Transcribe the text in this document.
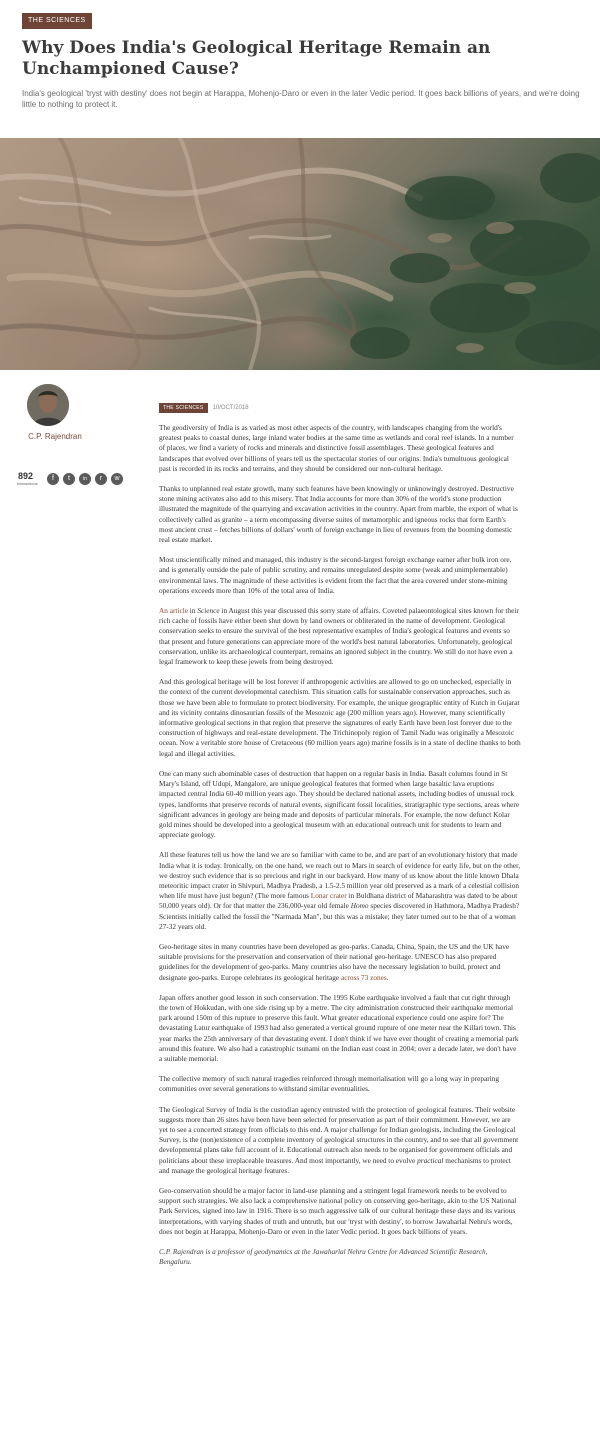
THE SCIENCES
Why Does India's Geological Heritage Remain an Unchampioned Cause?

India's geological 'tryst with destiny' does not begin at Harappa, Mohenjo-Daro or even in the later Vedic period. It goes back billions of years, and we're doing little to nothing to protect it.

C.P. Rajendran
892
Interactions
f	t	in	r	w
THE SCIENCES	10/OCT/2018

The geodiversity of India is as varied as most other aspects of the country, with landscapes changing from the world's greatest peaks to coastal dunes, large inland water bodies at the same time as wetlands and coral reef islands. In a number of places, we find a variety of rocks and minerals and distinctive fossil assemblages. These geological features and landscapes that evolved over billions of years tell us the spectacular stories of our origins. India's tumultuous geological past is recorded in its rocks and terrains, and they should be considered our non-cultural heritage.

Thanks to unplanned real estate growth, many such features have been knowingly or unknowingly destroyed. Destructive stone mining activates also add to this misery. That India accounts for more than 30% of the world's stone production illustrated the magnitude of the quarrying and excavation activities in the country. Apart from marble, the export of what is collectively called as granite – a term encompassing diverse suites of metamorphic and igneous rocks that form Earth's most ancient crust – fetches billions of dollars' worth of foreign exchange in lieu of revenues from the booming domestic real estate market.

Most unscientifically mined and managed, this industry is the second-largest foreign exchange earner after bulk iron ore, and is generally outside the pale of public scrutiny, and remains unregulated despite some (weak and unimplementable) environmental laws. The magnitude of these activities is evident from the fact that the area covered under stone-mining operations exceeds more than 10% of the total area of India.

An article in Science in August this year discussed this sorry state of affairs. Coveted palaeontological sites known for their rich cache of fossils have either been shut down by land owners or obliterated in the name of development. Geological conservation seeks to ensure the survival of the best representative examples of India's geological features and events so that present and future generations can appreciate more of the world's best natural laboratories. Unfortunately, geological conservation, unlike its archaeological counterpart, remains an ignored subject in the country. We still do not have even a legal framework to keep these jewels from being destroyed.

And this geological heritage will be lost forever if anthropogenic activities are allowed to go on unchecked, especially in the context of the current developmental catechism. This situation calls for sustainable conservation approaches, such as those we have been able to formulate to protect biodiversity. For example, the unique geographic entity of Kutch in Gujarat and its vicinity contains dinosaurian fossils of the Mesozoic age (200 million years ago). However, many scientifically informative geological sections in that region that preserve the signatures of early Earth have been lost forever due to the construction of highways and real-estate development. The Trichinopoly region of Tamil Nadu was originally a Mesozoic ocean. Now a veritable store house of Cretaceous (60 million years ago) marine fossils is in a state of decline thanks to both legal and illegal activities.

One can many such abominable cases of destruction that happen on a regular basis in India. Basalt columns found in St Mary's Island, off Udupi, Mangalore, are unique geological features that formed when large basaltic lava eruptions impacted central India 60-40 million years ago. They should be declared national assets, including bodies of unusual rock types, landforms that preserve records of natural events, significant fossil localities, stratigraphic type sections, areas where significant advances in geology are being made and deposits of particular minerals. For example, the now defunct Kolar gold mines should be developed into a geological museum with an educational outreach unit for students to learn and appreciate geology.

All these features tell us how the land we are so familiar with came to be, and are part of an evolutionary history that made India what it is today. Ironically, on the one hand, we reach out to Mars in search of evidence for early life, but on the other, we destroy such evidence that is so precious and right in our backyard. How many of us know about the little known Dhala meteoritic impact crater in Shivpuri, Madhya Pradesh, a 1.5-2.5 million year old preserved as a mark of a celestial collision when life must have just begun? (The more famous Lonar crater in Buldhana district of Maharashtra was dated to be about 50,000 years old). Or for that matter the 236,000-year old female Homo species discovered in Hathmora, Madhya Pradesh? Scientists initially called the fossil the "Narmada Man", but this was a mistake; they later turned out to be that of a woman 27-32 years old.

Geo-heritage sites in many countries have been developed as geo-parks. Canada, China, Spain, the US and the UK have suitable provisions for the preservation and conservation of their national geo-heritage. UNESCO has also prepared guidelines for the development of geo-parks. Many countries also have the necessary legislation to build, protect and designate geo-parks. Europe celebrates its geological heritage across 73 zones.

Japan offers another good lesson in such conservation. The 1995 Kobe earthquake involved a fault that cut right through the town of Hokkudan, with one side rising up by a metre. The city administration constructed their earthquake memorial park around 150m of this rupture to preserve this fault. What greater educational experience could one aspire for? The devastating Latur earthquake of 1993 had also generated a vertical ground rupture of one meter near the Killari town. This year marks the 25th anniversary of that devastating event. I don't think if we have ever thought of creating a memorial park around this feature. We also had a catastrophic tsunami on the Indian east coast in 2004; over a decade later, we don't have a suitable memorial.

The collective memory of such natural tragedies reinforced through memorialisation will go a long way in preparing communities over several generations to withstand similar eventualities.

The Geological Survey of India is the custodian agency entrusted with the protection of geological features. Their website suggests more than 26 sites have been have been selected for preservation as part of their commitment. However, we are yet to see a concerted strategy from officials to this end. A major challenge for Indian geologists, including the Geological Survey, is the (non)existence of a complete inventory of geological structures in the country, and to see that all government developmental plans take full account of it. Educational outreach also needs to be organised for government officials and politicians about these irreplaceable treasures. And most importantly, we need to evolve practical mechanisms to protect and manage the geological heritage features.

Geo-conservation should be a major factor in land-use planning and a stringent legal framework needs to be evolved to support such strategies. We also lack a comprehensive national policy on conserving geo-heritage, akin to the US National Park Services, signed into law in 1916. There is so much aggressive talk of our cultural heritage these days and its various interpretations, with varying shades of truth and untruth, but our 'tryst with destiny', to borrow Jawaharlal Nehru's words, does not begin at Harappa, Mohenjo-Daro or even in the later Vedic period. It goes back billions of years.

C.P. Rajendran is a professor of geodynamics at the Jawaharlal Nehru Centre for Advanced Scientific Research, Bengaluru.
